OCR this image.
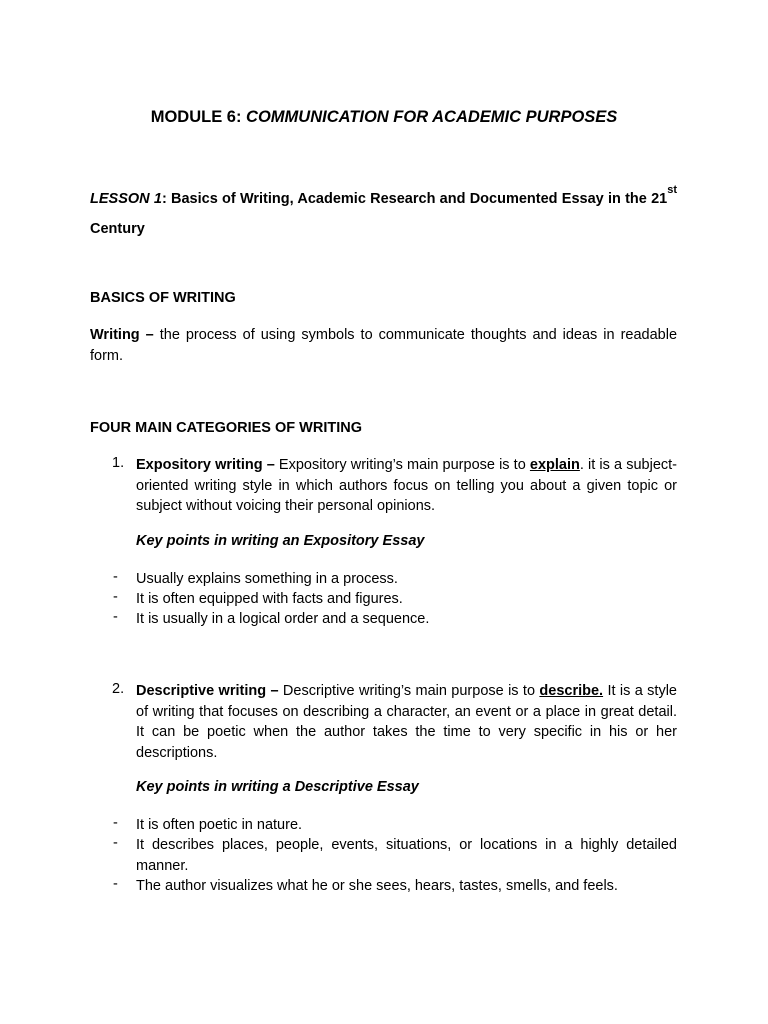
MODULE 6: COMMUNICATION FOR ACADEMIC PURPOSES
LESSON 1: Basics of Writing, Academic Research and Documented Essay in the 21st Century
BASICS OF WRITING
Writing – the process of using symbols to communicate thoughts and ideas in readable form.
FOUR MAIN CATEGORIES OF WRITING
1. Expository writing – Expository writing’s main purpose is to explain. it is a subject-oriented writing style in which authors focus on telling you about a given topic or subject without voicing their personal opinions.
Key points in writing an Expository Essay
- Usually explains something in a process.
- It is often equipped with facts and figures.
- It is usually in a logical order and a sequence.
2. Descriptive writing – Descriptive writing’s main purpose is to describe. It is a style of writing that focuses on describing a character, an event or a place in great detail. It can be poetic when the author takes the time to very specific in his or her descriptions.
Key points in writing a Descriptive Essay
- It is often poetic in nature.
- It describes places, people, events, situations, or locations in a highly detailed manner.
- The author visualizes what he or she sees, hears, tastes, smells, and feels.
